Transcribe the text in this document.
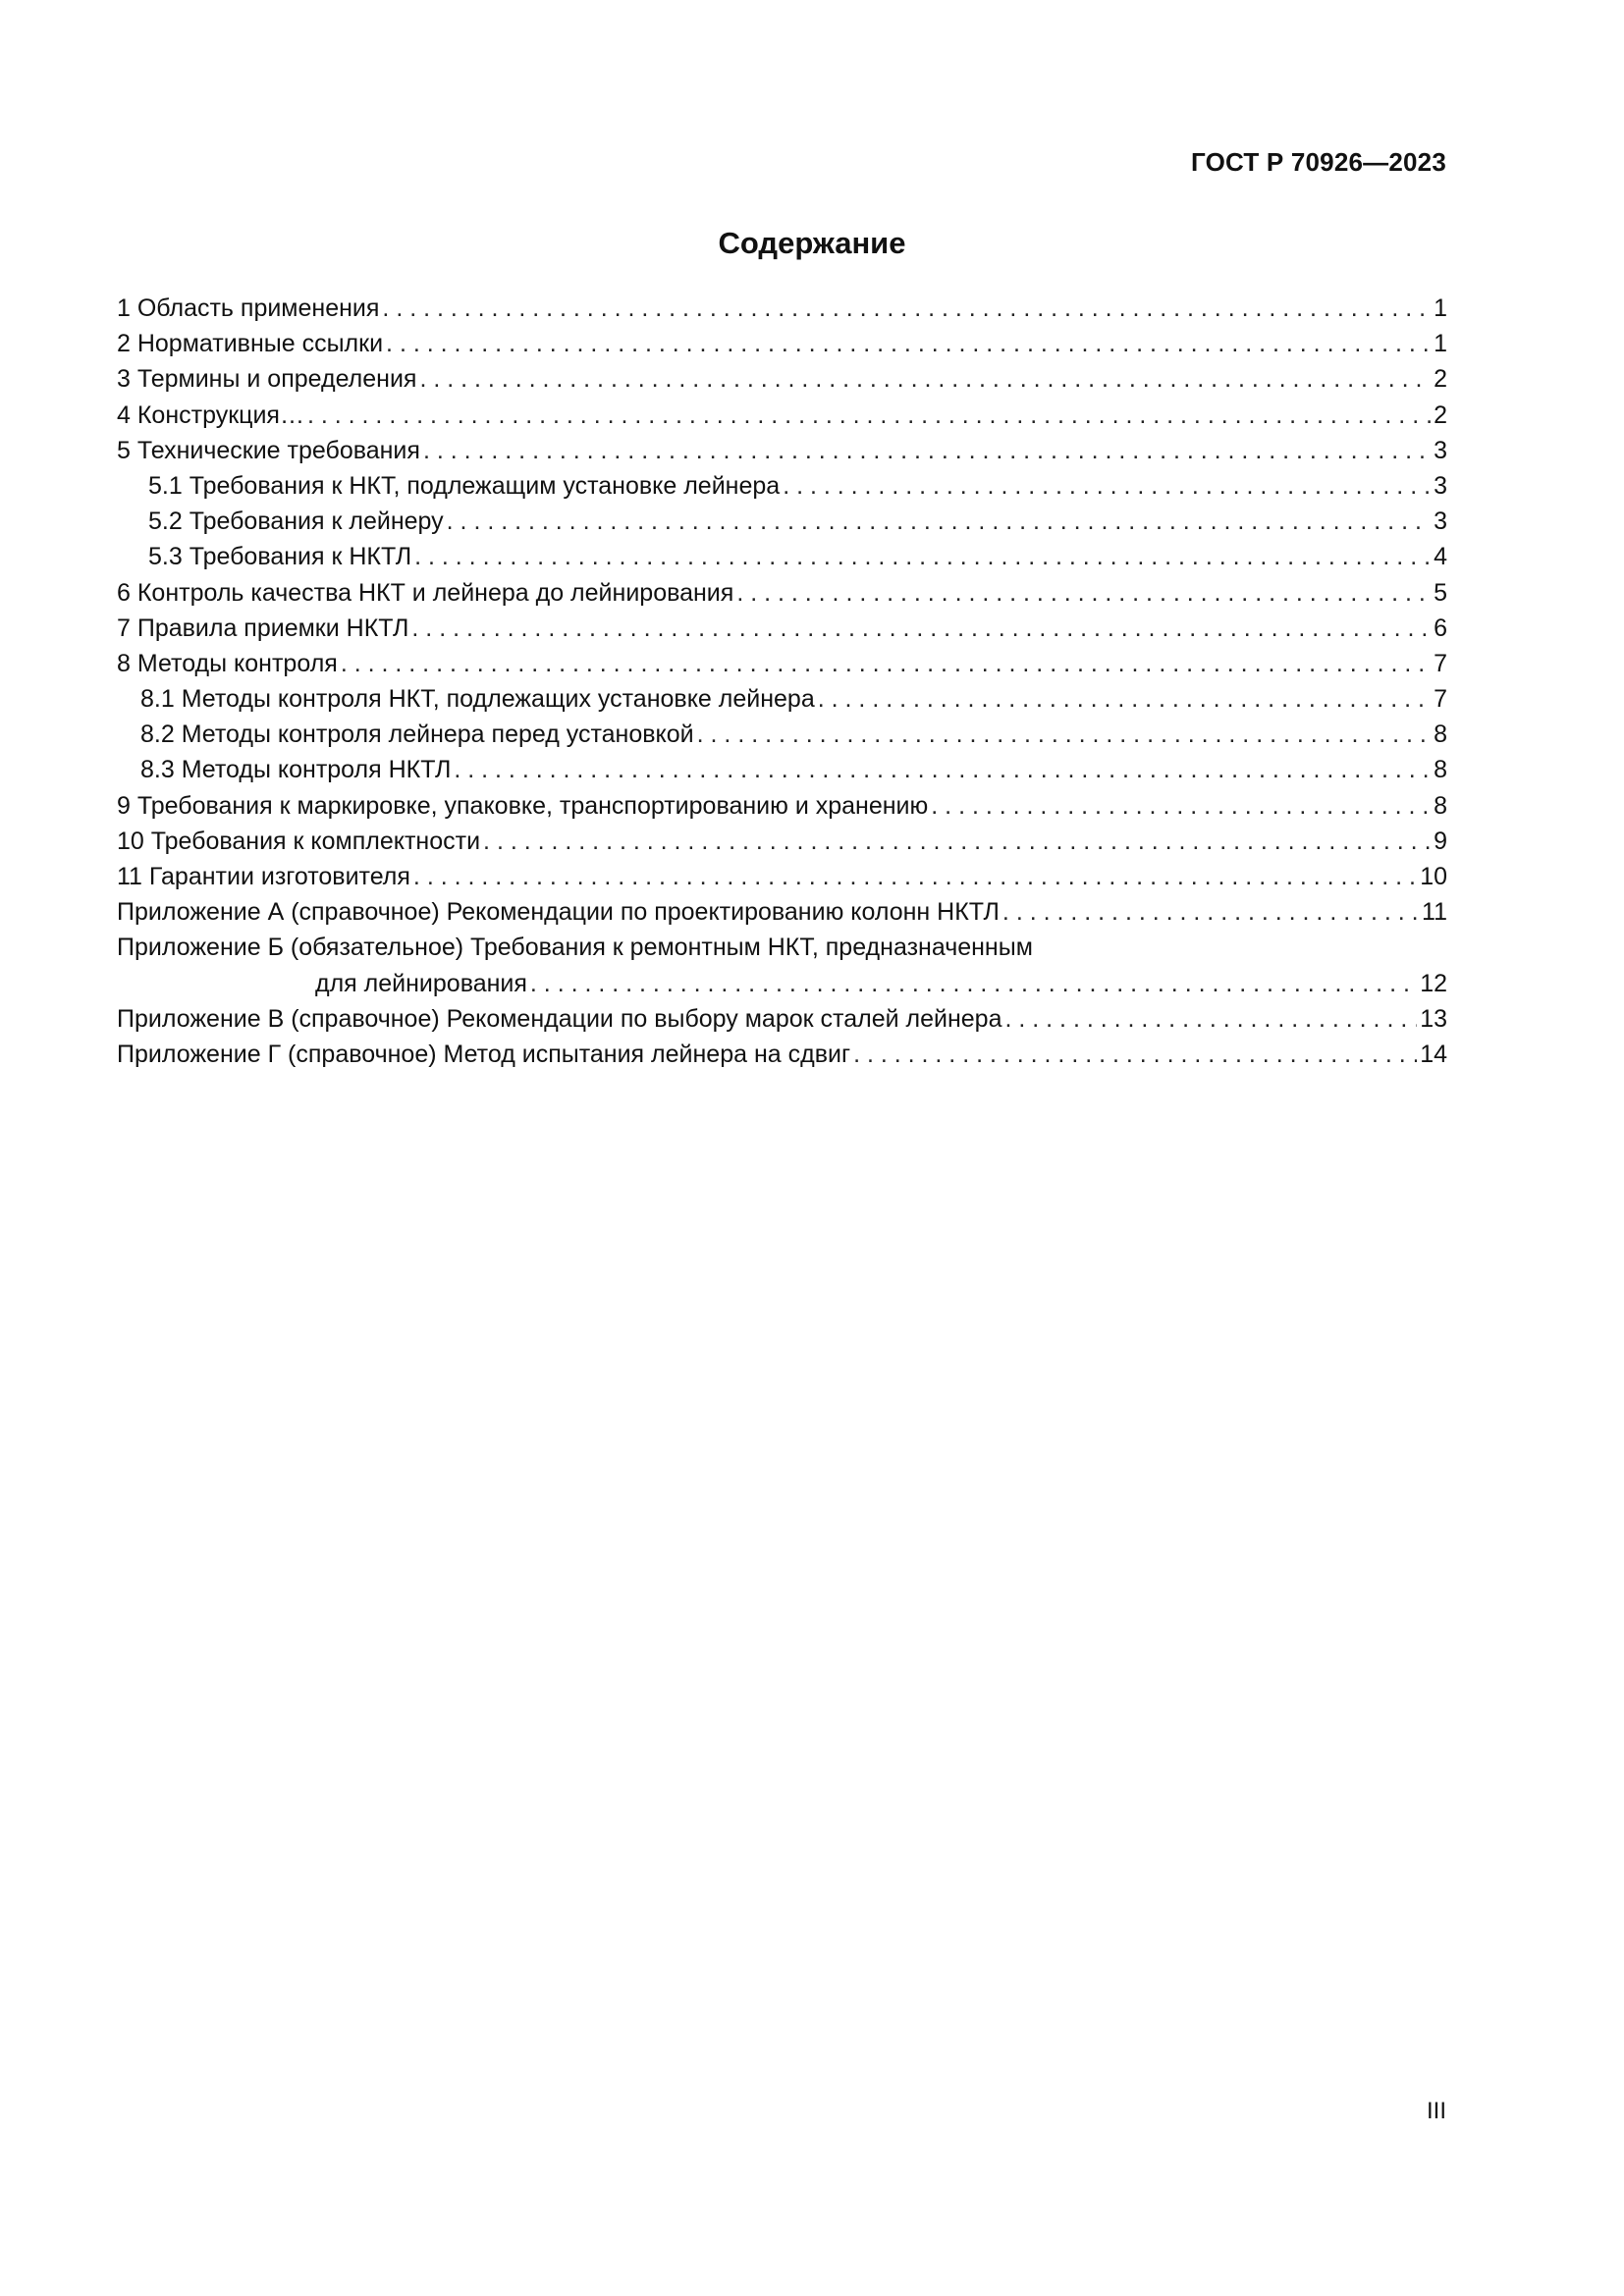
ГОСТ Р 70926—2023
Содержание
1 Область применения . . .	1
2 Нормативные ссылки . . .	1
3 Термины и определения . . .	2
4 Конструкция… . . .	2
5 Технические требования . . .	3
5.1 Требования к НКТ, подлежащим установке лейнера . . .	3
5.2 Требования к лейнеру . . .	3
5.3 Требования к НКТЛ . . .	4
6 Контроль качества НКТ и лейнера до лейнирования . . .	5
7 Правила приемки НКТЛ . . .	6
8 Методы контроля . . .	7
8.1 Методы контроля НКТ, подлежащих установке лейнера . . .	7
8.2 Методы контроля лейнера перед установкой . . .	8
8.3 Методы контроля НКТЛ . . .	8
9 Требования к маркировке, упаковке, транспортированию и хранению . . .	8
10 Требования к комплектности . . .	9
11 Гарантии изготовителя . . .	10
Приложение А (справочное) Рекомендации по проектированию колонн НКТЛ . . .	11
Приложение Б (обязательное) Требования к ремонтным НКТ, предназначенным
для лейнирования . . .	12
Приложение В (справочное) Рекомендации по выбору марок сталей лейнера . . .	13
Приложение Г (справочное) Метод испытания лейнера на сдвиг . . .	14
III
